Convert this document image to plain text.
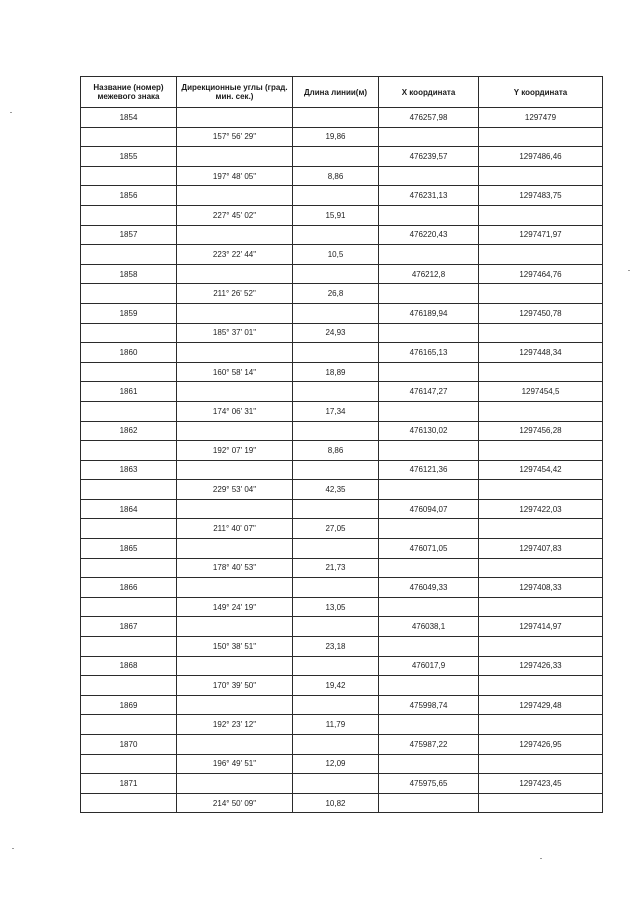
Название (номер) межевого знака	Дирекционные углы (град. мин. сек.)	Длина линии(м)	X координата	Y координата
1854			476257,98	1297479
	157° 56' 29"	19,86		
1855			476239,57	1297486,46
	197° 48' 05"	8,86		
1856			476231,13	1297483,75
	227° 45' 02"	15,91		
1857			476220,43	1297471,97
	223° 22' 44"	10,5		
1858			476212,8	1297464,76
	211° 26' 52"	26,8		
1859			476189,94	1297450,78
	185° 37' 01"	24,93		
1860			476165,13	1297448,34
	160° 58' 14"	18,89		
1861			476147,27	1297454,5
	174° 06' 31"	17,34		
1862			476130,02	1297456,28
	192° 07' 19"	8,86		
1863			476121,36	1297454,42
	229° 53' 04"	42,35		
1864			476094,07	1297422,03
	211° 40' 07"	27,05		
1865			476071,05	1297407,83
	178° 40' 53"	21,73		
1866			476049,33	1297408,33
	149° 24' 19"	13,05		
1867			476038,1	1297414,97
	150° 38' 51"	23,18		
1868			476017,9	1297426,33
	170° 39' 50"	19,42		
1869			475998,74	1297429,48
	192° 23' 12"	11,79		
1870			475987,22	1297426,95
	196° 49' 51"	12,09		
1871			475975,65	1297423,45
	214° 50' 09"	10,82		
